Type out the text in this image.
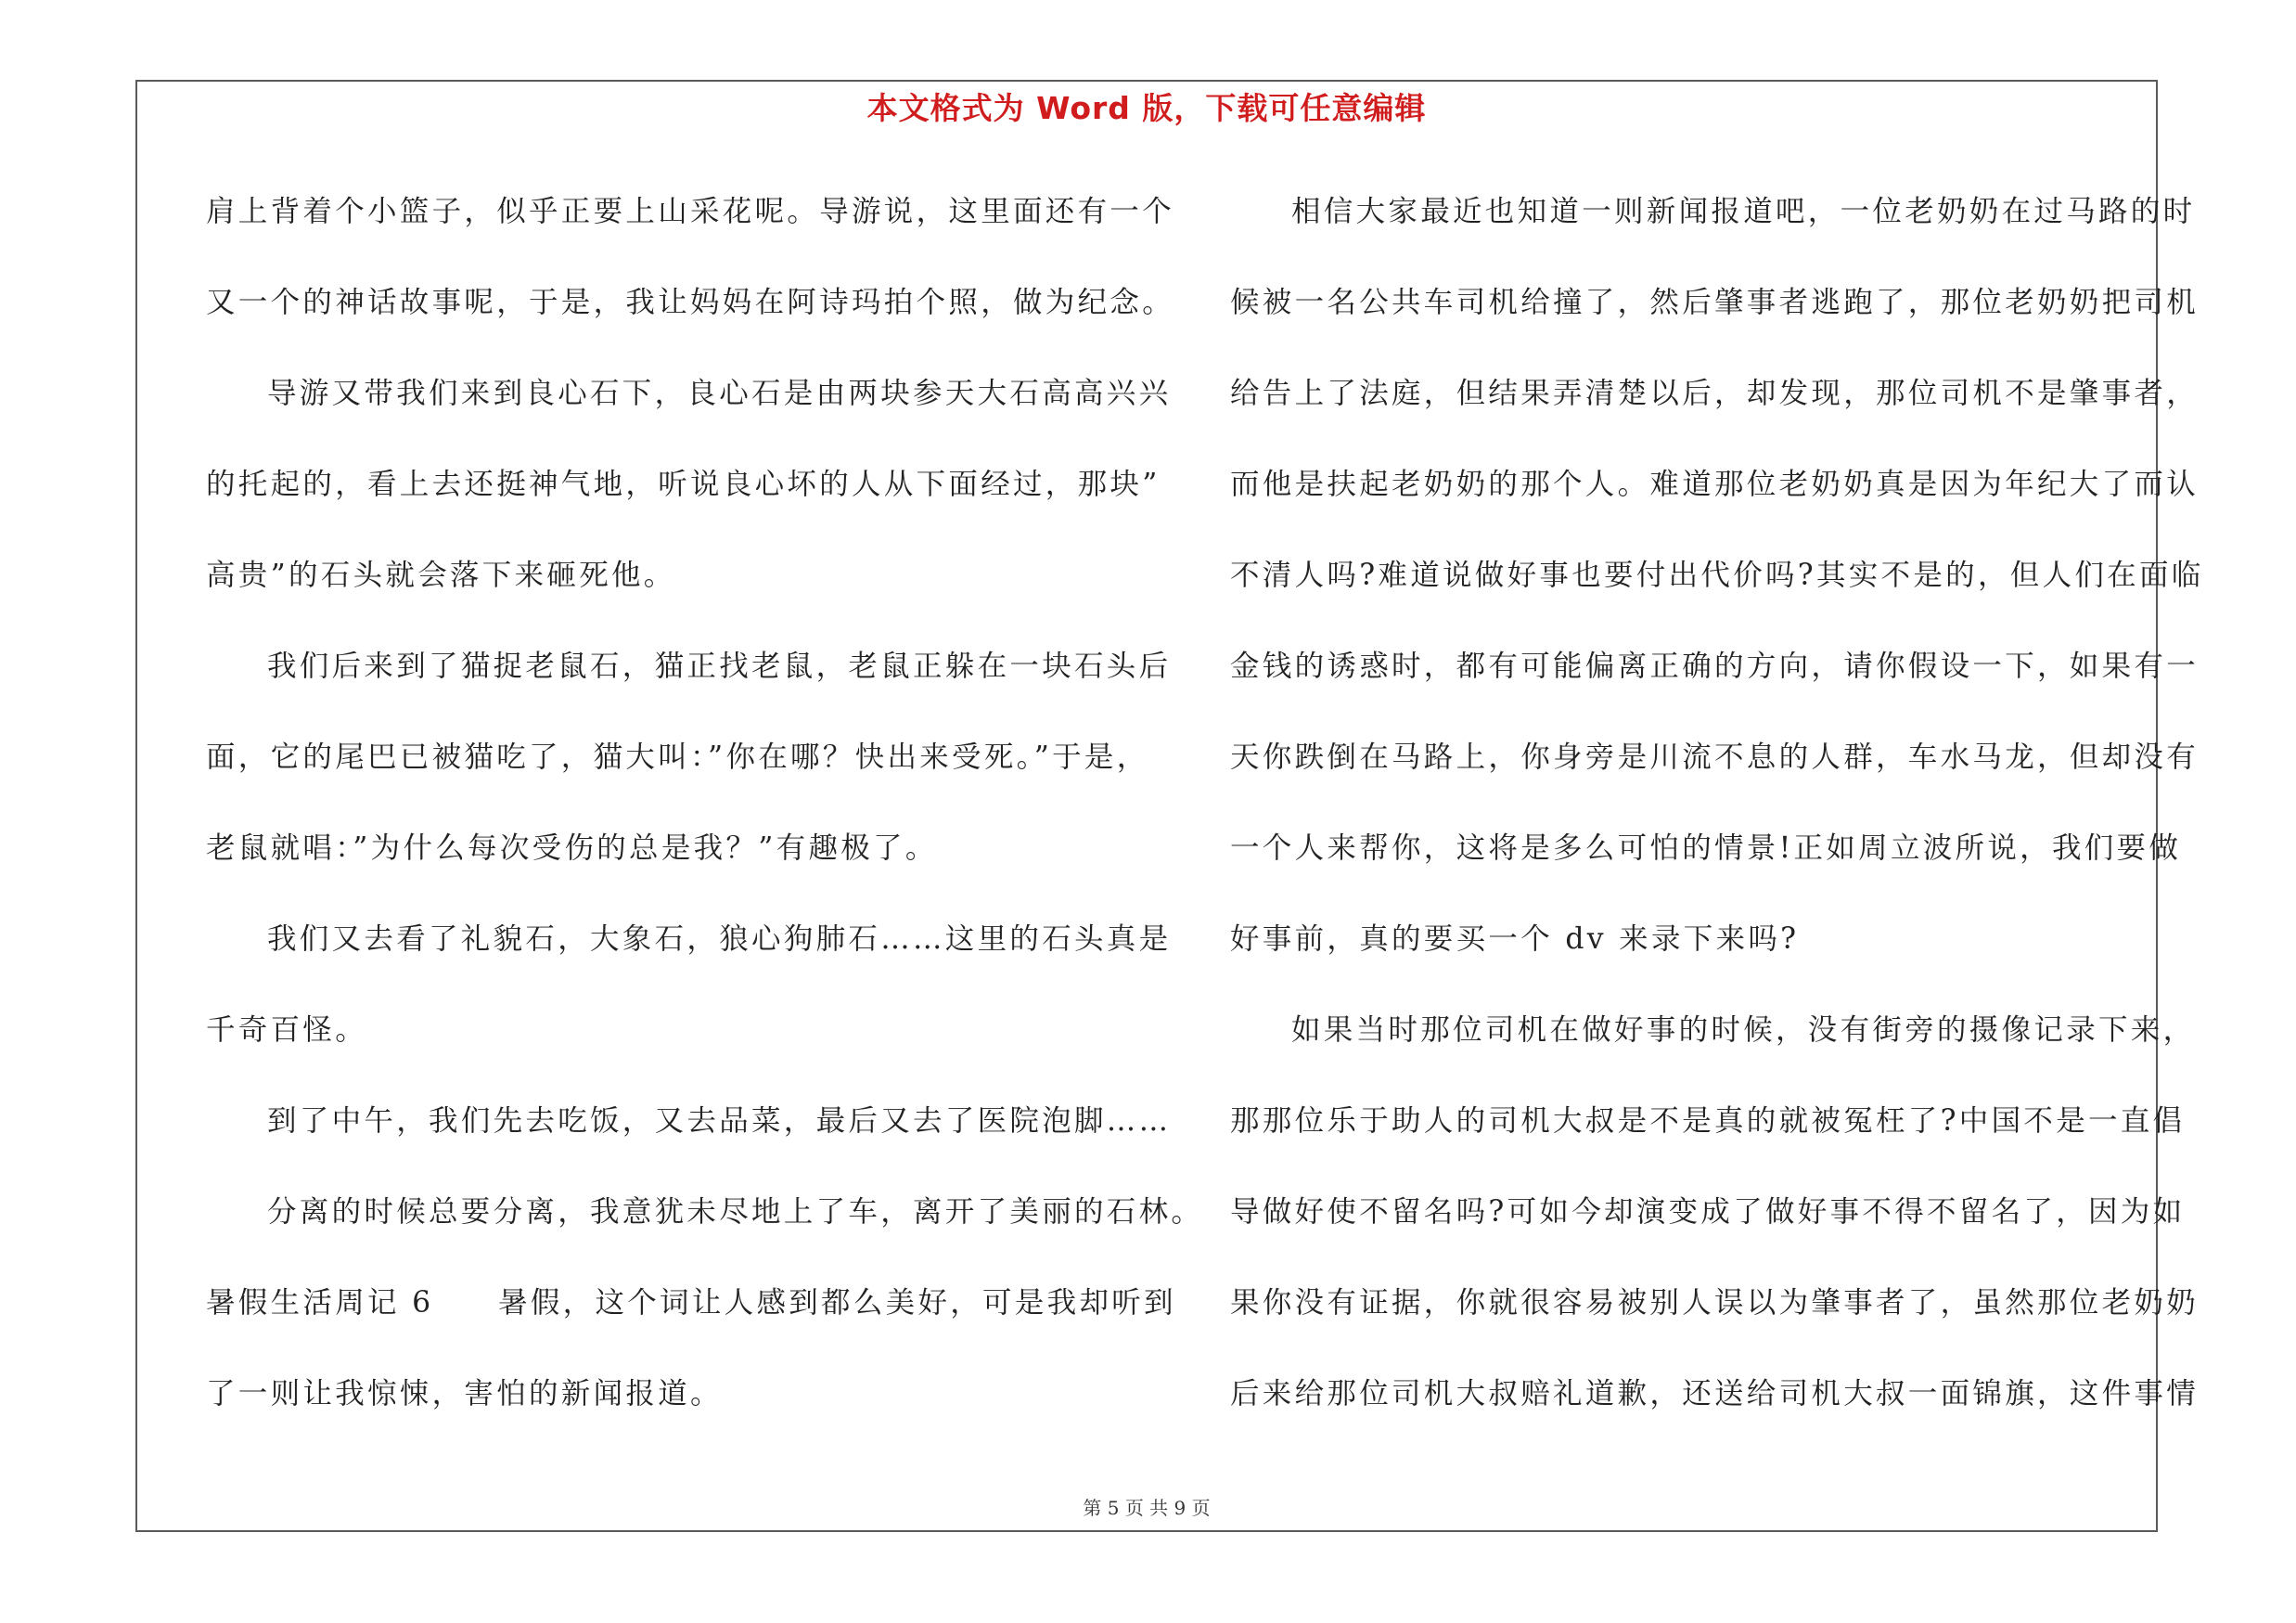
本文格式为 Word 版，下载可任意编辑
肩上背着个小篮子，似乎正要上山采花呢。导游说，这里面还有一个
又一个的神话故事呢，于是，我让妈妈在阿诗玛拍个照，做为纪念。
导游又带我们来到良心石下，良心石是由两块参天大石高高兴兴
的托起的，看上去还挺神气地，听说良心坏的人从下面经过，那块”
高贵”的石头就会落下来砸死他。
我们后来到了猫捉老鼠石，猫正找老鼠，老鼠正躲在一块石头后
面，它的尾巴已被猫吃了，猫大叫：”你在哪？快出来受死。”于是，
老鼠就唱：”为什么每次受伤的总是我？”有趣极了。
我们又去看了礼貌石，大象石，狼心狗肺石……这里的石头真是
千奇百怪。
到了中午，我们先去吃饭，又去品菜，最后又去了医院泡脚……
分离的时候总要分离，我意犹未尽地上了车，离开了美丽的石林。
暑假生活周记 6　　暑假，这个词让人感到都么美好，可是我却听到
了一则让我惊悚，害怕的新闻报道。
相信大家最近也知道一则新闻报道吧，一位老奶奶在过马路的时
候被一名公共车司机给撞了，然后肇事者逃跑了，那位老奶奶把司机
给告上了法庭，但结果弄清楚以后，却发现，那位司机不是肇事者，
而他是扶起老奶奶的那个人。难道那位老奶奶真是因为年纪大了而认
不清人吗?难道说做好事也要付出代价吗?其实不是的，但人们在面临
金钱的诱惑时，都有可能偏离正确的方向，请你假设一下，如果有一
天你跌倒在马路上，你身旁是川流不息的人群，车水马龙，但却没有
一个人来帮你，这将是多么可怕的情景!正如周立波所说，我们要做
好事前，真的要买一个 dv 来录下来吗?
如果当时那位司机在做好事的时候，没有街旁的摄像记录下来，
那那位乐于助人的司机大叔是不是真的就被冤枉了?中国不是一直倡
导做好使不留名吗?可如今却演变成了做好事不得不留名了，因为如
果你没有证据，你就很容易被别人误以为肇事者了，虽然那位老奶奶
后来给那位司机大叔赔礼道歉，还送给司机大叔一面锦旗，这件事情
第 5 页 共 9 页
